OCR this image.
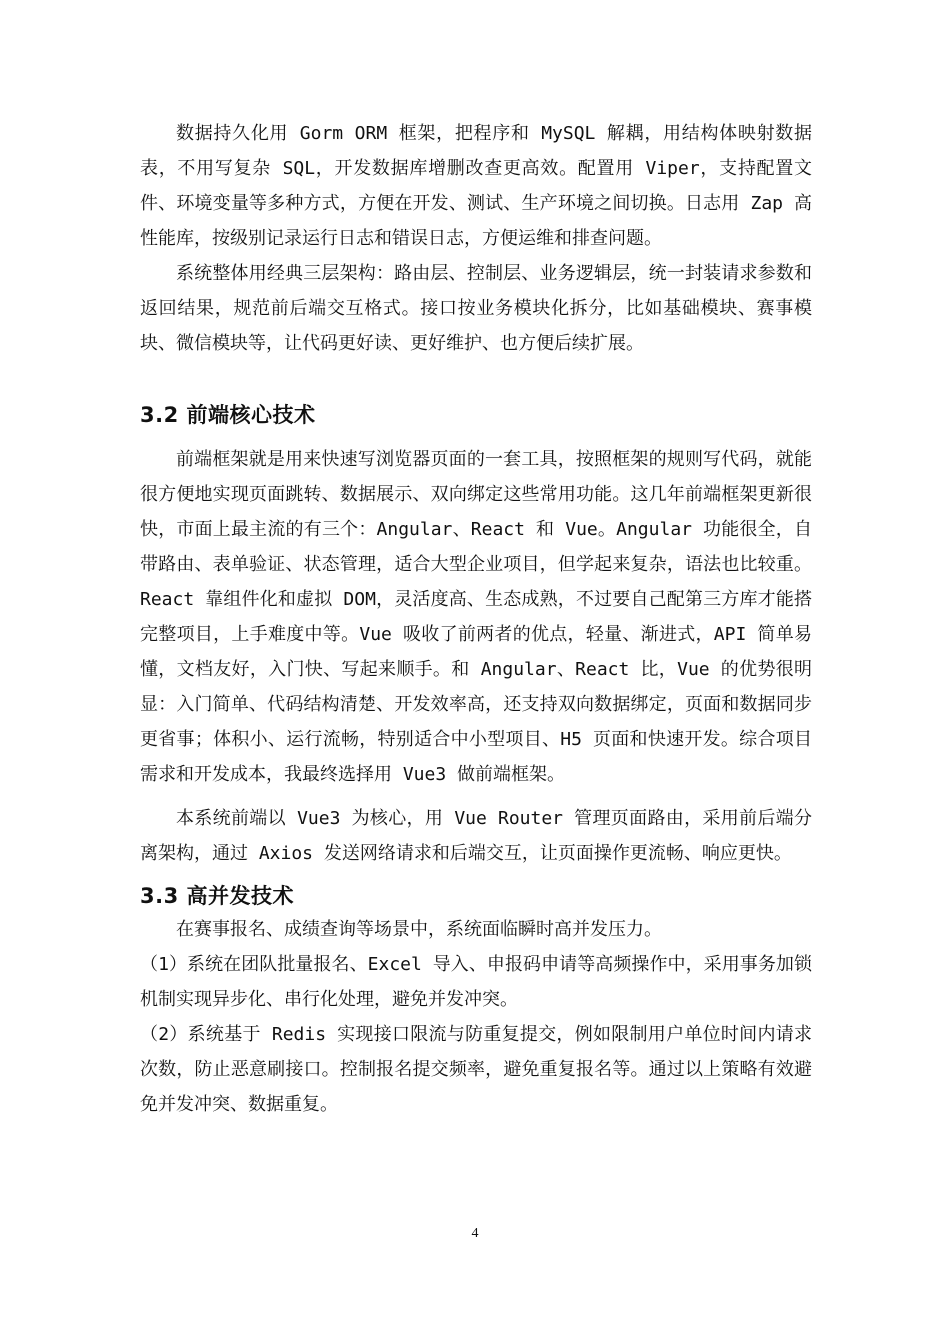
数据持久化用 Gorm ORM 框架，把程序和 MySQL 解耦，用结构体映射数据表，不用写复杂 SQL，开发数据库增删改查更高效。配置用 Viper，支持配置文件、环境变量等多种方式，方便在开发、测试、生产环境之间切换。日志用 Zap 高性能库，按级别记录运行日志和错误日志，方便运维和排查问题。

系统整体用经典三层架构：路由层、控制层、业务逻辑层，统一封装请求参数和返回结果，规范前后端交互格式。接口按业务模块化拆分，比如基础模块、赛事模块、微信模块等，让代码更好读、更好维护、也方便后续扩展。

3.2 前端核心技术

前端框架就是用来快速写浏览器页面的一套工具，按照框架的规则写代码，就能很方便地实现页面跳转、数据展示、双向绑定这些常用功能。这几年前端框架更新很快，市面上最主流的有三个：Angular、React 和 Vue。Angular 功能很全，自带路由、表单验证、状态管理，适合大型企业项目，但学起来复杂，语法也比较重。React 靠组件化和虚拟 DOM，灵活度高、生态成熟，不过要自己配第三方库才能搭完整项目，上手难度中等。Vue 吸收了前两者的优点，轻量、渐进式，API 简单易懂，文档友好，入门快、写起来顺手。和 Angular、React 比，Vue 的优势很明显：入门简单、代码结构清楚、开发效率高，还支持双向数据绑定，页面和数据同步更省事；体积小、运行流畅，特别适合中小型项目、H5 页面和快速开发。综合项目需求和开发成本，我最终选择用 Vue3 做前端框架。

本系统前端以 Vue3 为核心，用 Vue Router 管理页面路由，采用前后端分离架构，通过 Axios 发送网络请求和后端交互，让页面操作更流畅、响应更快。

3.3 高并发技术

在赛事报名、成绩查询等场景中，系统面临瞬时高并发压力。

（1）系统在团队批量报名、Excel 导入、申报码申请等高频操作中，采用事务加锁机制实现异步化、串行化处理，避免并发冲突。

（2）系统基于 Redis 实现接口限流与防重复提交，例如限制用户单位时间内请求次数，防止恶意刷接口。控制报名提交频率，避免重复报名等。通过以上策略有效避免并发冲突、数据重复。

4
